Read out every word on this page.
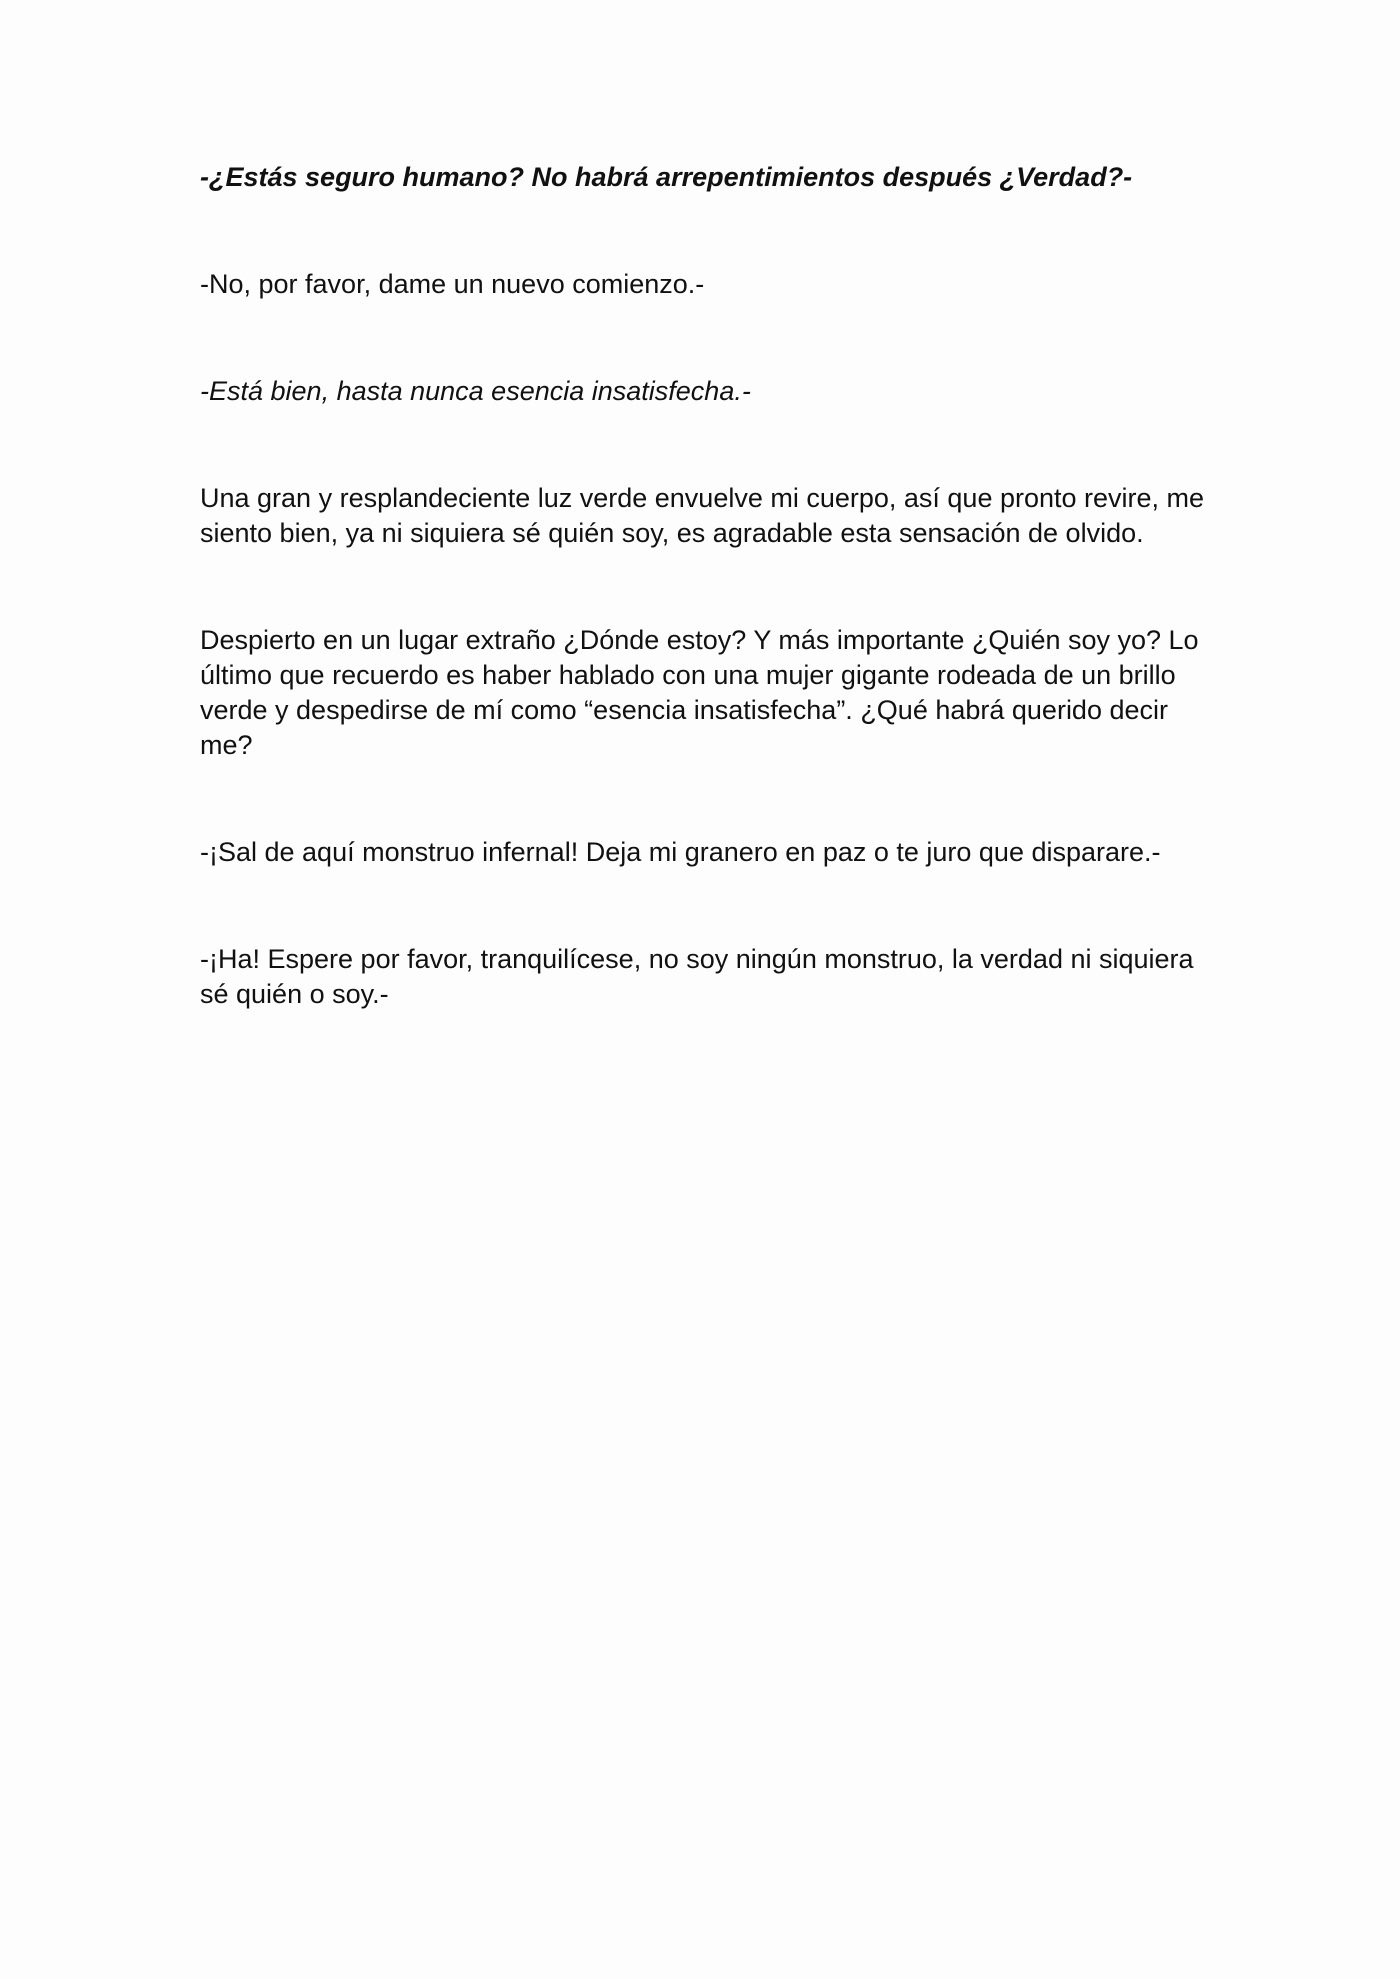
-¿Estás seguro humano? No habrá arrepentimientos después ¿Verdad?-

-No, por favor, dame un nuevo comienzo.-

-Está bien, hasta nunca esencia insatisfecha.-

Una gran y resplandeciente luz verde envuelve mi cuerpo, así que pronto revire, me siento bien, ya ni siquiera sé quién soy, es agradable esta sensación de olvido.

Despierto en un lugar extraño ¿Dónde estoy? Y más importante ¿Quién soy yo? Lo último que recuerdo es haber hablado con una mujer gigante rodeada de un brillo verde y despedirse de mí como “esencia insatisfecha”. ¿Qué habrá querido decir me?

-¡Sal de aquí monstruo infernal! Deja mi granero en paz o te juro que disparare.-

-¡Ha! Espere por favor, tranquilícese, no soy ningún monstruo, la verdad ni siquiera sé quién o soy.-
